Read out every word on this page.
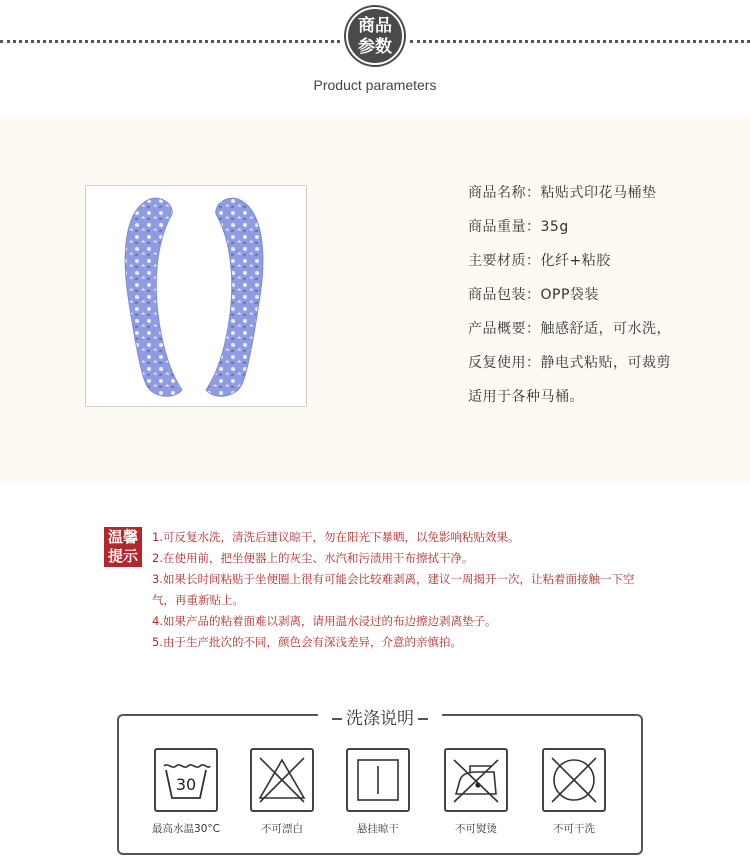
商品
参数
Product parameters
商品名称：粘贴式印花马桶垫
商品重量：35g
主要材质：化纤+粘胶
商品包装：OPP袋装
产品概要：触感舒适，可水洗，
反复使用：静电式粘贴，可裁剪
适用于各种马桶。
温馨
提示
1.可反复水洗，清洗后建议晾干，勿在阳光下暴晒，以免影响粘贴效果。
2.在使用前，把坐便器上的灰尘、水汽和污渍用干布擦拭干净。
3.如果长时间粘贴于坐便圈上很有可能会比较难剥离，建议一周揭开一次，让粘着面接触一下空
气，再重新贴上。
4.如果产品的粘着面难以剥离，请用温水浸过的布边擦边剥离垫子。
5.由于生产批次的不同，颜色会有深浅差异，介意的亲慎拍。
洗涤说明
30
最高水温30°C	不可漂白	悬挂晾干	不可熨烫	不可干洗
